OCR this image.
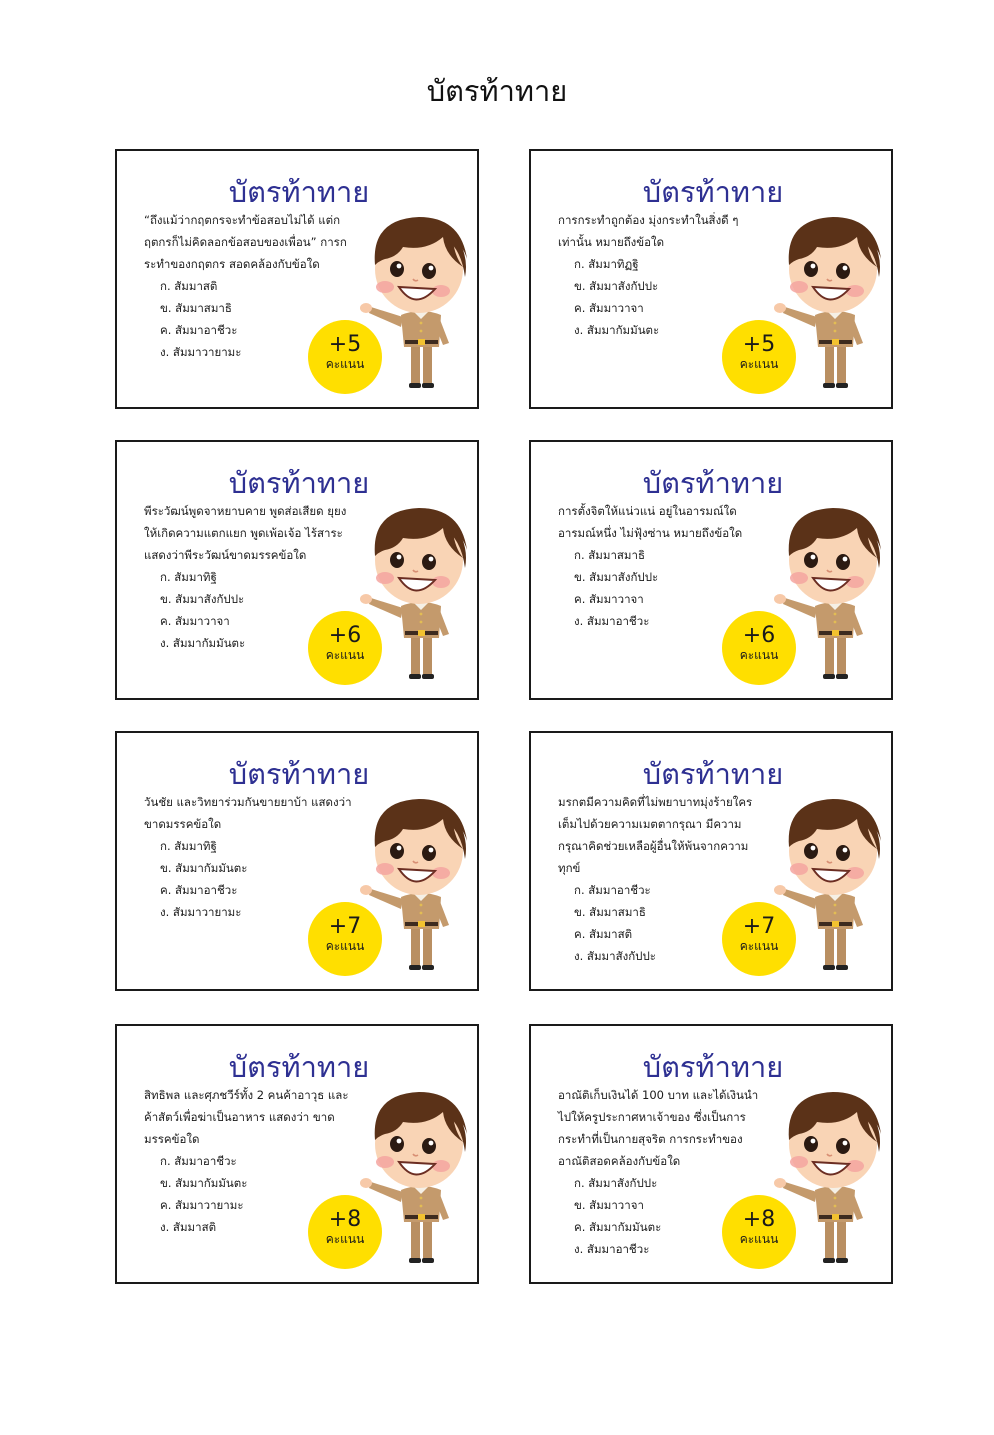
บัตรท้าทาย
บัตรท้าทาย

“ถึงแม้ว่ากฤตกรจะทำข้อสอบไม่ได้ แต่กฤตกรก็ไม่คิดลอกข้อสอบของเพื่อน” การกระทำของกฤตกร สอดคล้องกับข้อใด

ก. สัมมาสติ
ข. สัมมาสมาธิ
ค. สัมมาอาชีวะ
ง. สัมมาวายามะ	+5
คะแนน
บัตรท้าทาย

การกระทำถูกต้อง มุ่งกระทำในสิ่งดี ๆ เท่านั้น หมายถึงข้อใด

ก. สัมมาทิฏฐิ
ข. สัมมาสังกัปปะ
ค. สัมมาวาจา
ง. สัมมากัมมันตะ
+5
คะแนน
บัตรท้าทาย

พีระวัฒน์พูดจาหยาบคาย พูดส่อเสียด ยุยงให้เกิดความแตกแยก พูดเพ้อเจ้อ ไร้สาระ แสดงว่าพีระวัฒน์ขาดมรรคข้อใด

ก. สัมมาทิฐิ
ข. สัมมาสังกัปปะ
ค. สัมมาวาจา
ง. สัมมากัมมันตะ	+6
คะแนน
บัตรท้าทาย

การตั้งจิตให้แน่วแน่ อยู่ในอารมณ์ใดอารมณ์หนึ่ง ไม่ฟุ้งซ่าน หมายถึงข้อใด

ก. สัมมาสมาธิ
ข. สัมมาสังกัปปะ
ค. สัมมาวาจา
ง. สัมมาอาชีวะ
+6
คะแนน
บัตรท้าทาย

วันชัย และวิทยาร่วมกันขายยาบ้า แสดงว่าขาดมรรคข้อใด

ก. สัมมาทิฐิ
ข. สัมมากัมมันตะ
ค. สัมมาอาชีวะ
ง. สัมมาวายามะ
+7
คะแนน
บัตรท้าทาย

มรกตมีความคิดที่ไม่พยาบาทมุ่งร้ายใคร เต็มไปด้วยความเมตตากรุณา มีความกรุณาคิดช่วยเหลือผู้อื่นให้พ้นจากความทุกข์

ก. สัมมาอาชีวะ
ข. สัมมาสมาธิ
ค. สัมมาสติ
ง. สัมมาสังกัปปะ
+7
คะแนน
บัตรท้าทาย

สิทธิพล และศุภชวีร์ทั้ง 2 คนค้าอาวุธ และค้าสัตว์เพื่อฆ่าเป็นอาหาร แสดงว่า ขาดมรรคข้อใด

ก. สัมมาอาชีวะ
ข. สัมมากัมมันตะ
ค. สัมมาวายามะ
ง. สัมมาสติ	+8
คะแนน
บัตรท้าทาย

อาณัติเก็บเงินได้ 100 บาท และได้เงินนำไปให้ครูประกาศหาเจ้าของ ซึ่งเป็นการกระทำที่เป็นกายสุจริต การกระทำของอาณัติสอดคล้องกับข้อใด

ก. สัมมาสังกัปปะ
ข. สัมมาวาจา
ค. สัมมากัมมันตะ
ง. สัมมาอาชีวะ
+8
คะแนน
